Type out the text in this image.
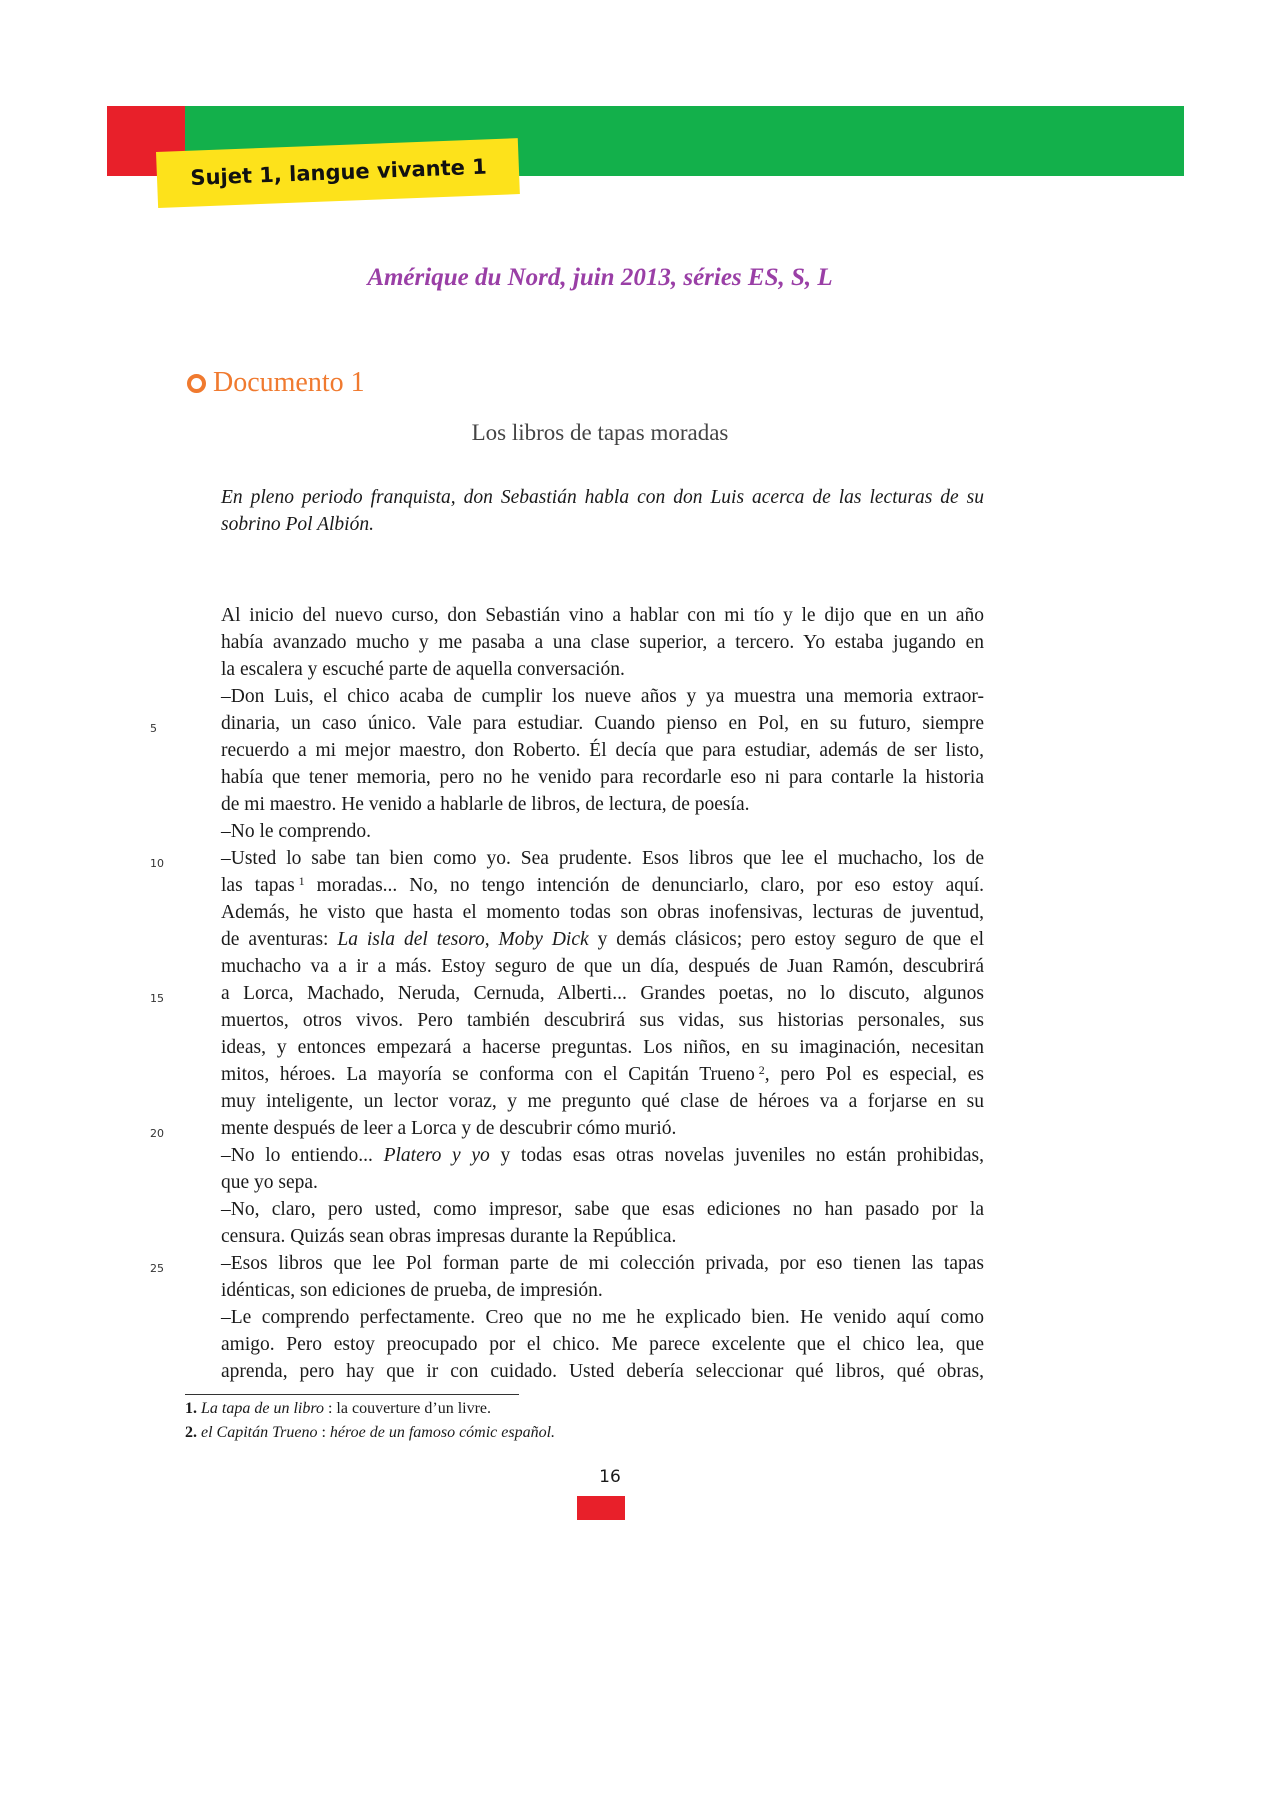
Sujet 1, langue vivante 1
Amérique du Nord, juin 2013, séries ES, S, L
Documento 1
Los libros de tapas moradas
En pleno periodo franquista, don Sebastián habla con don Luis acerca de las lecturas de su sobrino Pol Albión.
Al inicio del nuevo curso, don Sebastián vino a hablar con mi tío y le dijo que en un año
había avanzado mucho y me pasaba a una clase superior, a tercero. Yo estaba jugando en
la escalera y escuché parte de aquella conversación.
–Don Luis, el chico acaba de cumplir los nueve años y ya muestra una memoria extraor-
dinaria, un caso único. Vale para estudiar. Cuando pienso en Pol, en su futuro, siempre
recuerdo a mi mejor maestro, don Roberto. Él decía que para estudiar, además de ser listo,
había que tener memoria, pero no he venido para recordarle eso ni para contarle la historia
de mi maestro. He venido a hablarle de libros, de lectura, de poesía.
–No le comprendo.
–Usted lo sabe tan bien como yo. Sea prudente. Esos libros que lee el muchacho, los de
las tapas  $^1$ moradas... No, no tengo intención de denunciarlo, claro, por eso estoy aquí.
Además, he visto que hasta el momento todas son obras inofensivas, lecturas de juventud,
de aventuras: La isla del tesoro, Moby Dick y demás clásicos; pero estoy seguro de que el
muchacho va a ir a más. Estoy seguro de que un día, después de Juan Ramón, descubrirá
a Lorca, Machado, Neruda, Cernuda, Alberti... Grandes poetas, no lo discuto, algunos
muertos, otros vivos. Pero también descubrirá sus vidas, sus historias personales, sus
ideas, y entonces empezará a hacerse preguntas. Los niños, en su imaginación, necesitan
mitos, héroes. La mayoría se conforma con el Capitán Trueno  $^2$, pero Pol es especial, es
muy inteligente, un lector voraz, y me pregunto qué clase de héroes va a forjarse en su
mente después de leer a Lorca y de descubrir cómo murió.
–No lo entiendo... Platero y yo y todas esas otras novelas juveniles no están prohibidas,
que yo sepa.
–No, claro, pero usted, como impresor, sabe que esas ediciones no han pasado por la
censura. Quizás sean obras impresas durante la República.
–Esos libros que lee Pol forman parte de mi colección privada, por eso tienen las tapas
idénticas, son ediciones de prueba, de impresión.
–Le comprendo perfectamente. Creo que no me he explicado bien. He venido aquí como
amigo. Pero estoy preocupado por el chico. Me parece excelente que el chico lea, que
aprenda, pero hay que ir con cuidado. Usted debería seleccionar qué libros, qué obras,
5
10
15
20
25
1. La tapa de un libro : la couverture d’un livre.
2. el Capitán Trueno : héroe de un famoso cómic español.
16
